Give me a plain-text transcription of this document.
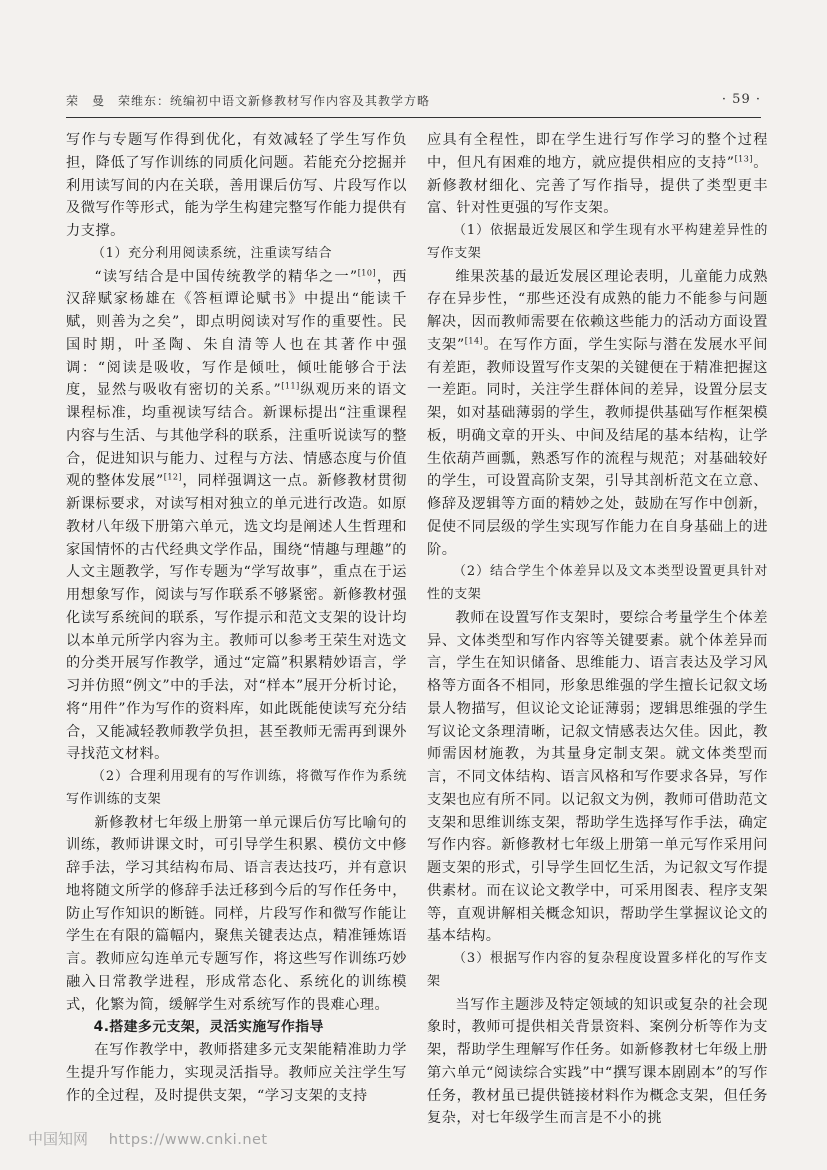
荣　曼　荣维东：统编初中语文新修教材写作内容及其教学方略	· 59 ·

写作与专题写作得到优化，有效减轻了学生写作负担，降低了写作训练的同质化问题。若能充分挖掘并利用读写间的内在关联，善用课后仿写、片段写作以及微写作等形式，能为学生构建完整写作能力提供有力支撑。

（1）充分利用阅读系统，注重读写结合

“读写结合是中国传统教学的精华之一”[10]，西汉辞赋家杨雄在《答桓谭论赋书》中提出“能读千赋，则善为之矣”，即点明阅读对写作的重要性。民国时期，叶圣陶、朱自清等人也在其著作中强调：“阅读是吸收，写作是倾吐，倾吐能够合于法度，显然与吸收有密切的关系。”[11]纵观历来的语文课程标准，均重视读写结合。新课标提出“注重课程内容与生活、与其他学科的联系，注重听说读写的整合，促进知识与能力、过程与方法、情感态度与价值观的整体发展”[12]，同样强调这一点。新修教材贯彻新课标要求，对读写相对独立的单元进行改造。如原教材八年级下册第六单元，选文均是阐述人生哲理和家国情怀的古代经典文学作品，围绕“情趣与理趣”的人文主题教学，写作专题为“学写故事”，重点在于运用想象写作，阅读与写作联系不够紧密。新修教材强化读写系统间的联系，写作提示和范文支架的设计均以本单元所学内容为主。教师可以参考王荣生对选文的分类开展写作教学，通过“定篇”积累精妙语言，学习并仿照“例文”中的手法，对“样本”展开分析讨论，将“用件”作为写作的资料库，如此既能使读写充分结合，又能减轻教师教学负担，甚至教师无需再到课外寻找范文材料。

（2）合理利用现有的写作训练，将微写作作为系统写作训练的支架

新修教材七年级上册第一单元课后仿写比喻句的训练，教师讲课文时，可引导学生积累、模仿文中修辞手法，学习其结构布局、语言表达技巧，并有意识地将随文所学的修辞手法迁移到今后的写作任务中，防止写作知识的断链。同样，片段写作和微写作能让学生在有限的篇幅内，聚焦关键表达点，精准锤炼语言。教师应勾连单元专题写作，将这些写作训练巧妙融入日常教学进程，形成常态化、系统化的训练模式，化繁为简，缓解学生对系统写作的畏难心理。

4.搭建多元支架，灵活实施写作指导

在写作教学中，教师搭建多元支架能精准助力学生提升写作能力，实现灵活指导。教师应关注学生写作的全过程，及时提供支架，“学习支架的支持

应具有全程性，即在学生进行写作学习的整个过程中，但凡有困难的地方，就应提供相应的支持”[13]。新修教材细化、完善了写作指导，提供了类型更丰富、针对性更强的写作支架。

（1）依据最近发展区和学生现有水平构建差异性的写作支架

维果茨基的最近发展区理论表明，儿童能力成熟存在异步性，“那些还没有成熟的能力不能参与问题解决，因而教师需要在依赖这些能力的活动方面设置支架”[14]。在写作方面，学生实际与潜在发展水平间有差距，教师设置写作支架的关键便在于精准把握这一差距。同时，关注学生群体间的差异，设置分层支架，如对基础薄弱的学生，教师提供基础写作框架模板，明确文章的开头、中间及结尾的基本结构，让学生依葫芦画瓢，熟悉写作的流程与规范；对基础较好的学生，可设置高阶支架，引导其剖析范文在立意、修辞及逻辑等方面的精妙之处，鼓励在写作中创新，促使不同层级的学生实现写作能力在自身基础上的进阶。

（2）结合学生个体差异以及文本类型设置更具针对性的支架

教师在设置写作支架时，要综合考量学生个体差异、文体类型和写作内容等关键要素。就个体差异而言，学生在知识储备、思维能力、语言表达及学习风格等方面各不相同，形象思维强的学生擅长记叙文场景人物描写，但议论文论证薄弱；逻辑思维强的学生写议论文条理清晰，记叙文情感表达欠佳。因此，教师需因材施教，为其量身定制支架。就文体类型而言，不同文体结构、语言风格和写作要求各异，写作支架也应有所不同。以记叙文为例，教师可借助范文支架和思维训练支架，帮助学生选择写作手法，确定写作内容。新修教材七年级上册第一单元写作采用问题支架的形式，引导学生回忆生活，为记叙文写作提供素材。而在议论文教学中，可采用图表、程序支架等，直观讲解相关概念知识，帮助学生掌握议论文的基本结构。

（3）根据写作内容的复杂程度设置多样化的写作支架

当写作主题涉及特定领域的知识或复杂的社会现象时，教师可提供相关背景资料、案例分析等作为支架，帮助学生理解写作任务。如新修教材七年级上册第六单元“阅读综合实践”中“撰写课本剧剧本”的写作任务，教材虽已提供链接材料作为概念支架，但任务复杂，对七年级学生而言是不小的挑

中国知网 https://www.cnki.net
